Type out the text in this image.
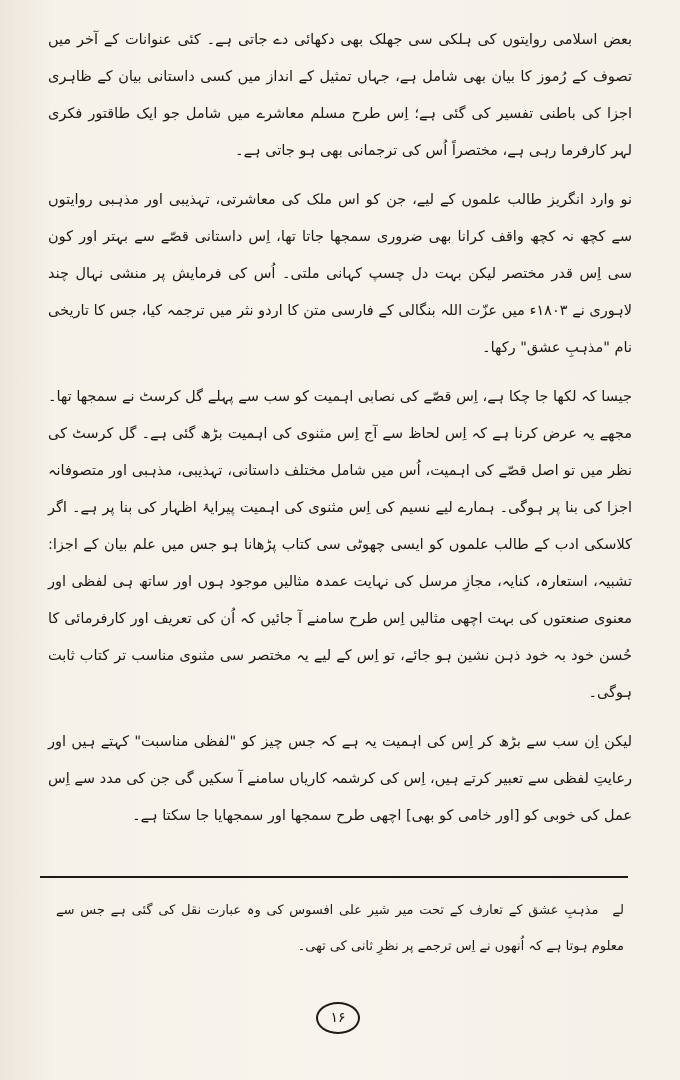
بعض اسلامی روایتوں کی ہلکی سی جھلک بھی دکھائی دے جاتی ہے۔ کئی عنوانات کے آخر میں تصوف کے رُموز کا بیان بھی شامل ہے، جہاں تمثیل کے انداز میں کسی داستانی بیان کے ظاہری اجزا کی باطنی تفسیر کی گئی ہے؛ اِس طرح مسلم معاشرے میں شامل جو ایک طاقتور فکری لہر کارفرما رہی ہے، مختصراً اُس کی ترجمانی بھی ہو جاتی ہے۔

نو وارد انگریز طالب علموں کے لیے، جن کو اس ملک کی معاشرتی، تہذیبی اور مذہبی روایتوں سے کچھ نہ کچھ واقف کرانا بھی ضروری سمجھا جاتا تھا، اِس داستانی قصّے سے بہتر اور کون سی اِس قدر مختصر لیکن بہت دل چسپ کہانی ملتی۔ اُس کی فرمایش پر منشی نہال چند لاہوری نے ۱۸۰۳ء میں عزّت اللہ بنگالی کے فارسی متن کا اردو نثر میں ترجمہ کیا، جس کا تاریخی نام "مذہبِ عشق" رکھا۔

جیسا کہ لکھا جا چکا ہے، اِس قصّے کی نصابی اہمیت کو سب سے پہلے گل کرسٹ نے سمجھا تھا۔ مجھے یہ عرض کرنا ہے کہ اِس لحاظ سے آج اِس مثنوی کی اہمیت بڑھ گئی ہے۔ گل کرسٹ کی نظر میں تو اصل قصّے کی اہمیت، اُس میں شامل مختلف داستانی، تہذیبی، مذہبی اور متصوفانہ اجزا کی بنا پر ہوگی۔ ہمارے لیے نسیم کی اِس مثنوی کی اہمیت پیرایۂ اظہار کی بنا پر ہے۔ اگر کلاسکی ادب کے طالب علموں کو ایسی چھوٹی سی کتاب پڑھانا ہو جس میں علم بیان کے اجزا: تشبیہ، استعارہ، کنایہ، مجازِ مرسل کی نہایت عمدہ مثالیں موجود ہوں اور ساتھ ہی لفظی اور معنوی صنعتوں کی بہت اچھی مثالیں اِس طرح سامنے آ جائیں کہ اُن کی تعریف اور کارفرمائی کا حُسن خود بہ خود ذہن نشین ہو جائے، تو اِس کے لیے یہ مختصر سی مثنوی مناسب تر کتاب ثابت ہوگی۔

لیکن اِن سب سے بڑھ کر اِس کی اہمیت یہ ہے کہ جس چیز کو "لفظی مناسبت" کہتے ہیں اور رعایتِ لفظی سے تعبیر کرتے ہیں، اِس کی کرشمہ کاریاں سامنے آ سکیں گی جن کی مدد سے اِس عمل کی خوبی کو [اور خامی کو بھی] اچھی طرح سمجھا اور سمجھایا جا سکتا ہے۔

لےمذہبِ عشق کے تعارف کے تحت میر شیر علی افسوس کی وہ عبارت نقل کی گئی ہے جس سے معلوم ہوتا ہے کہ اُنھوں نے اِس ترجمے پر نظرِ ثانی کی تھی۔
۱۶
